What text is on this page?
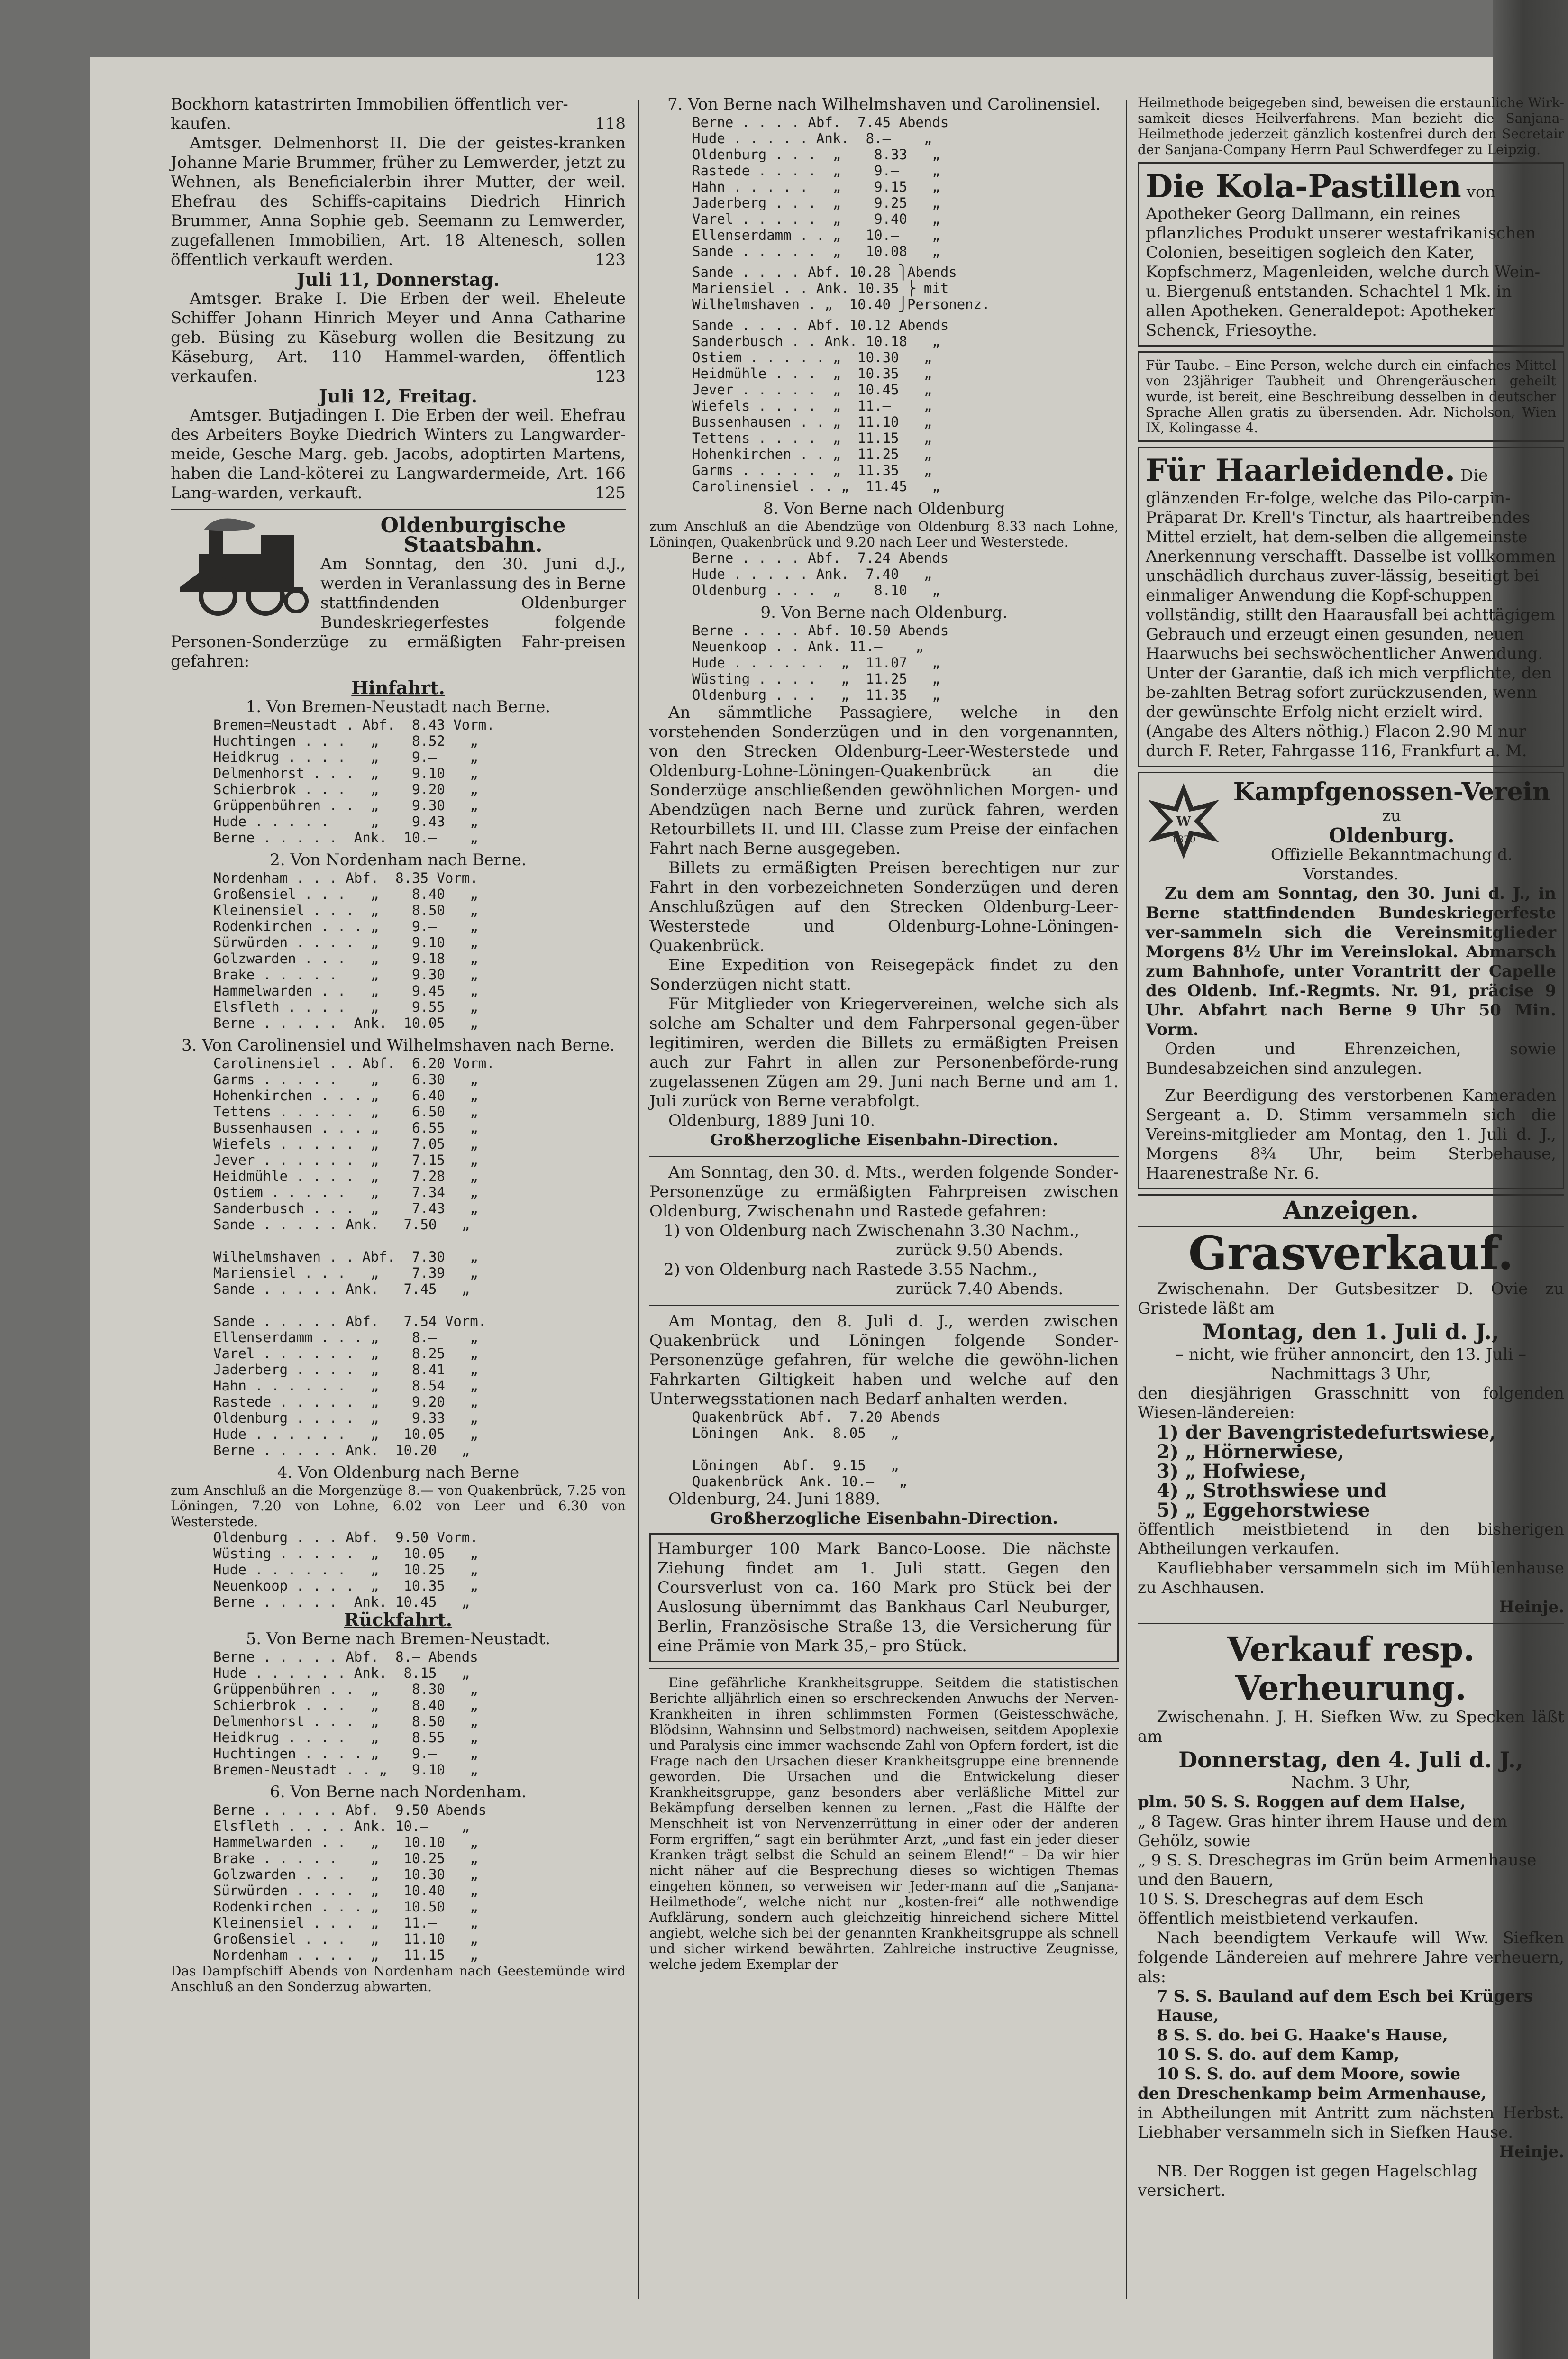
Bockhorn katastrirten Immobilien öffentlich ver-

kaufen.	118

Amtsger. Delmenhorst II. Die der geistes-kranken Johanne Marie Brummer, früher zu Lemwerder, jetzt zu Wehnen, als Beneficialerbin ihrer Mutter, der weil. Ehefrau des Schiffs-capitains Diedrich Hinrich Brummer, Anna Sophie geb. Seemann zu Lemwerder, zugefallenen Immobilien, Art. 18 Altenesch, sollen öffentlich verkauft werden.	123

Juli 11, Donnerstag.

Amtsger. Brake I. Die Erben der weil. Eheleute Schiffer Johann Hinrich Meyer und Anna Catharine geb. Büsing zu Käseburg wollen die Besitzung zu Käseburg, Art. 110 Hammel-warden, öffentlich verkaufen.	123

Juli 12, Freitag.

Amtsger. Butjadingen I. Die Erben der weil. Ehefrau des Arbeiters Boyke Diedrich Winters zu Langwarder-meide, Gesche Marg. geb. Jacobs, adoptirten Martens, haben die Land-köterei zu Langwardermeide, Art. 166 Lang-warden, verkauft.	125

Oldenburgische Staatsbahn.

Am Sonntag, den 30. Juni d.J., werden in Veranlassung des in Berne stattfindenden Oldenburger Bundeskriegerfestes folgende Personen-Sonderzüge zu ermäßigten Fahr-preisen gefahren:

Hinfahrt.

1. Von Bremen-Neustadt nach Berne.

Bremen=Neustadt . Abf.  8.43 Vorm.
Huchtingen . . .   „    8.52   „
Heidkrug . . . .   „    9.—    „
Delmenhorst . . .  „    9.10   „
Schierbrok . . .   „    9.20   „
Grüppenbühren . .  „    9.30   „
Hude . . . . .     „    9.43   „
Berne . . . . .  Ank.  10.—    „

2. Von Nordenham nach Berne.

Nordenham . . . Abf.  8.35 Vorm.
Großensiel . . .   „    8.40   „
Kleinensiel . . .  „    8.50   „
Rodenkirchen . . . „    9.—    „
Sürwürden . . . .  „    9.10   „
Golzwarden . . .   „    9.18   „
Brake . . . . .    „    9.30   „
Hammelwarden . .   „    9.45   „
Elsfleth . . . .   „    9.55   „
Berne . . . . .  Ank.  10.05   „

3. Von Carolinensiel und Wilhelmshaven nach Berne.

Carolinensiel . . Abf.  6.20 Vorm.
Garms . . . . .    „    6.30   „
Hohenkirchen . . . „    6.40   „
Tettens . . . . .  „    6.50   „
Bussenhausen . . . „    6.55   „
Wiefels . . . . .  „    7.05   „
Jever . . . . . .  „    7.15   „
Heidmühle . . . .  „    7.28   „
Ostiem . . . . .   „    7.34   „
Sanderbusch . . .  „    7.43   „
Sande . . . . . Ank.   7.50   „

Wilhelmshaven . . Abf.  7.30   „
Mariensiel . . .   „    7.39   „
Sande . . . . . Ank.   7.45   „

Sande . . . . . Abf.   7.54 Vorm.
Ellenserdamm . . . „    8.—    „
Varel . . . . . .  „    8.25   „
Jaderberg . . . .  „    8.41   „
Hahn . . . . . .   „    8.54   „
Rastede . . . . .  „    9.20   „
Oldenburg . . . .  „    9.33   „
Hude . . . . . .   „   10.05   „
Berne . . . . . Ank.  10.20   „

4. Von Oldenburg nach Berne

zum Anschluß an die Morgenzüge 8.— von Quakenbrück, 7.25 von Löningen, 7.20 von Lohne, 6.02 von Leer und 6.30 von Westerstede.

Oldenburg . . . Abf.  9.50 Vorm.
Wüsting . . . . .  „   10.05   „
Hude . . . . . .   „   10.25   „
Neuenkoop . . . .  „   10.35   „
Berne . . . . .  Ank. 10.45   „

Rückfahrt.

5. Von Berne nach Bremen-Neustadt.

Berne . . . . . Abf.  8.— Abends
Hude . . . . . . Ank.  8.15   „
Grüppenbühren . .  „    8.30   „
Schierbrok . . .   „    8.40   „
Delmenhorst . . .  „    8.50   „
Heidkrug . . . .   „    8.55   „
Huchtingen . . . . „    9.—    „
Bremen-Neustadt . . „   9.10   „

6. Von Berne nach Nordenham.

Berne . . . . . Abf.  9.50 Abends
Elsfleth . . . . Ank. 10.—    „
Hammelwarden . .   „   10.10   „
Brake . . . . .    „   10.25   „
Golzwarden . . .   „   10.30   „
Sürwürden . . . .  „   10.40   „
Rodenkirchen . . . „   10.50   „
Kleinensiel . . .  „   11.—    „
Großensiel . . .   „   11.10   „
Nordenham . . . .  „   11.15   „

Das Dampfschiff Abends von Nordenham nach Geestemünde wird Anschluß an den Sonderzug abwarten.

7. Von Berne nach Wilhelmshaven und Carolinensiel.

Berne . . . . Abf.  7.45 Abends
Hude . . . . . Ank.  8.—    „
Oldenburg . . .  „    8.33   „
Rastede . . . .  „    9.—    „
Hahn . . . . .   „    9.15   „
Jaderberg . . .  „    9.25   „
Varel . . . . .  „    9.40   „
Ellenserdamm . . „   10.—    „
Sande . . . . .  „   10.08   „

Sande . . . . Abf. 10.28 ⎫Abends
Mariensiel . . Ank. 10.35 ⎬ mit
Wilhelmshaven . „  10.40 ⎭Personenz.

Sande . . . . Abf. 10.12 Abends
Sanderbusch . . Ank. 10.18   „
Ostiem . . . . . „  10.30   „
Heidmühle . . .  „  10.35   „
Jever . . . . .  „  10.45   „
Wiefels . . . .  „  11.—    „
Bussenhausen . . „  11.10   „
Tettens . . . .  „  11.15   „
Hohenkirchen . . „  11.25   „
Garms . . . . .  „  11.35   „
Carolinensiel . . „  11.45   „

8. Von Berne nach Oldenburg

zum Anschluß an die Abendzüge von Oldenburg 8.33 nach Lohne, Löningen, Quakenbrück und 9.20 nach Leer und Westerstede.

Berne . . . . Abf.  7.24 Abends
Hude . . . . . Ank.  7.40   „
Oldenburg . . .  „    8.10   „

9. Von Berne nach Oldenburg.

Berne . . . . Abf. 10.50 Abends
Neuenkoop . . Ank. 11.—    „
Hude . . . . . .  „  11.07   „
Wüsting . . . .   „  11.25   „
Oldenburg . . .   „  11.35   „

An sämmtliche Passagiere, welche in den vorstehenden Sonderzügen und in den vorgenannten, von den Strecken Oldenburg-Leer-Westerstede und Oldenburg-Lohne-Löningen-Quakenbrück an die Sonderzüge anschließenden gewöhnlichen Morgen- und Abendzügen nach Berne und zurück fahren, werden Retourbillets II. und III. Classe zum Preise der einfachen Fahrt nach Berne ausgegeben.

Billets zu ermäßigten Preisen berechtigen nur zur Fahrt in den vorbezeichneten Sonderzügen und deren Anschlußzügen auf den Strecken Oldenburg-Leer-Westerstede und Oldenburg-Lohne-Löningen-Quakenbrück.

Eine Expedition von Reisegepäck findet zu den Sonderzügen nicht statt.

Für Mitglieder von Kriegervereinen, welche sich als solche am Schalter und dem Fahrpersonal gegen-über legitimiren, werden die Billets zu ermäßigten Preisen auch zur Fahrt in allen zur Personenbeförde-rung zugelassenen Zügen am 29. Juni nach Berne und am 1. Juli zurück von Berne verabfolgt.

Oldenburg, 1889 Juni 10.

Großherzogliche Eisenbahn-Direction.

Am Sonntag, den 30. d. Mts., werden folgende Sonder-Personenzüge zu ermäßigten Fahrpreisen zwischen Oldenburg, Zwischenahn und Rastede gefahren:

1) von Oldenburg nach Zwischenahn 3.30 Nachm.,

zurück 9.50 Abends.

2) von Oldenburg nach Rastede 3.55 Nachm.,

zurück 7.40 Abends.

Am Montag, den 8. Juli d. J., werden zwischen Quakenbrück und Löningen folgende Sonder-Personenzüge gefahren, für welche die gewöhn-lichen Fahrkarten Giltigkeit haben und welche auf den Unterwegsstationen nach Bedarf anhalten werden.

Quakenbrück  Abf.  7.20 Abends
Löningen   Ank.  8.05   „

Löningen   Abf.  9.15   „
Quakenbrück  Ank. 10.—   „

Oldenburg, 24. Juni 1889.

Großherzogliche Eisenbahn-Direction.

Hamburger 100 Mark Banco-Loose. Die nächste Ziehung findet am 1. Juli statt. Gegen den Coursverlust von ca. 160 Mark pro Stück bei der Auslosung übernimmt das Bankhaus Carl Neuburger, Berlin, Französische Straße 13, die Versicherung für eine Prämie von Mark 35,– pro Stück.

Eine gefährliche Krankheitsgruppe. Seitdem die statistischen Berichte alljährlich einen so erschreckenden Anwuchs der Nerven-Krankheiten in ihren schlimmsten Formen (Geistesschwäche, Blödsinn, Wahnsinn und Selbstmord) nachweisen, seitdem Apoplexie und Paralysis eine immer wachsende Zahl von Opfern fordert, ist die Frage nach den Ursachen dieser Krankheitsgruppe eine brennende geworden. Die Ursachen und die Entwickelung dieser Krankheitsgruppe, ganz besonders aber verläßliche Mittel zur Bekämpfung derselben kennen zu lernen. „Fast die Hälfte der Menschheit ist von Nervenzerrüttung in einer oder der anderen Form ergriffen,“ sagt ein berühmter Arzt, „und fast ein jeder dieser Kranken trägt selbst die Schuld an seinem Elend!“ – Da wir hier nicht näher auf die Besprechung dieses so wichtigen Themas eingehen können, so verweisen wir Jeder-mann auf die „Sanjana-Heilmethode“, welche nicht nur „kosten-frei“ alle nothwendige Aufklärung, sondern auch gleichzeitig hinreichend sichere Mittel angiebt, welche sich bei der genannten Krankheitsgruppe als schnell und sicher wirkend bewährten. Zahlreiche instructive Zeugnisse, welche jedem Exemplar der

Heilmethode beigegeben sind, beweisen die erstaunliche Wirk-samkeit dieses Heilverfahrens. Man bezieht die Sanjana-Heilmethode jederzeit gänzlich kostenfrei durch den Secretair der Sanjana-Company Herrn Paul Schwerdfeger zu Leipzig.

Die Kola-Pastillen von Apotheker Georg Dallmann, ein reines pflanzliches Produkt unserer westafrikanischen Colonien, beseitigen sogleich den Kater, Kopfschmerz, Magenleiden, welche durch Wein- u. Biergenuß entstanden. Schachtel 1 Mk. in allen Apotheken. Generaldepot: Apotheker Schenck, Friesoythe.
Für Taube. – Eine Person, welche durch ein einfaches Mittel von 23jähriger Taubheit und Ohrengeräuschen geheilt wurde, ist bereit, eine Beschreibung desselben in deutscher Sprache Allen gratis zu übersenden. Adr. Nicholson, Wien IX, Kolingasse 4.
Für Haarleidende. Die glänzenden Er-folge, welche das Pilo-carpin-Präparat Dr. Krell's Tinctur, als haartreibendes Mittel erzielt, hat dem-selben die allgemeinste Anerkennung verschafft. Dasselbe ist vollkommen unschädlich durchaus zuver-lässig, beseitigt bei einmaliger Anwendung die Kopf-schuppen vollständig, stillt den Haarausfall bei achttägigem Gebrauch und erzeugt einen gesunden, neuen Haarwuchs bei sechswöchentlicher Anwendung. Unter der Garantie, daß ich mich verpflichte, den be-zahlten Betrag sofort zurückzusenden, wenn der gewünschte Erfolg nicht erzielt wird. (Angabe des Alters nöthig.) Flacon 2.90 M nur durch F. Reter, Fahrgasse 116, Frankfurt a. M.
W
1870

Kampfgenossen-Verein

zu

Oldenburg.

Offizielle Bekanntmachung d. Vorstandes.

Zu dem am Sonntag, den 30. Juni d. J., in Berne stattfindenden Bundeskriegerfeste ver-sammeln sich die Vereinsmitglieder Morgens 8½ Uhr im Vereinslokal. Abmarsch zum Bahnhofe, unter Vorantritt der Capelle des Oldenb. Inf.-Regmts. Nr. 91, präcise 9 Uhr. Abfahrt nach Berne 9 Uhr 50 Min. Vorm.

Orden und Ehrenzeichen, sowie Bundesabzeichen sind anzulegen.

Zur Beerdigung des verstorbenen Kameraden Sergeant a. D. Stimm versammeln sich die Vereins-mitglieder am Montag, den 1. Juli d. J., Morgens 8¾ Uhr, beim Sterbehause, Haarenestraße Nr. 6.

Anzeigen.

Grasverkauf.

Zwischenahn. Der Gutsbesitzer D. Ovie zu Gristede läßt am

Montag, den 1. Juli d. J.,

– nicht, wie früher annoncirt, den 13. Juli – Nachmittags 3 Uhr,

den diesjährigen Grasschnitt von folgenden Wiesen-ländereien:

1) der Bavengristedefurtswiese,

2) „ Hörnerwiese,

3) „ Hofwiese,

4) „ Strothswiese und

5) „ Eggehorstwiese

öffentlich meistbietend in den bisherigen Abtheilungen verkaufen.

Kaufliebhaber versammeln sich im Mühlenhause zu Aschhausen.

Heinje.

Verkauf resp. Verheurung.

Zwischenahn. J. H. Siefken Ww. zu Specken läßt am

Donnerstag, den 4. Juli d. J.,

Nachm. 3 Uhr,

plm. 50 S. S. Roggen auf dem Halse,

„ 8 Tagew. Gras hinter ihrem Hause und dem Gehölz, sowie

„ 9 S. S. Dreschegras im Grün beim Armenhause und den Bauern,

10 S. S. Dreschegras auf dem Esch

öffentlich meistbietend verkaufen.

Nach beendigtem Verkaufe will Ww. Siefken folgende Ländereien auf mehrere Jahre verheuern, als:

7 S. S. Bauland auf dem Esch bei Krügers Hause,

8 S. S. do. bei G. Haake's Hause,

10 S. S. do. auf dem Kamp,

10 S. S. do. auf dem Moore, sowie

den Dreschenkamp beim Armenhause,

in Abtheilungen mit Antritt zum nächsten Herbst. Liebhaber versammeln sich in Siefken Hause.

Heinje.

NB. Der Roggen ist gegen Hagelschlag versichert.
